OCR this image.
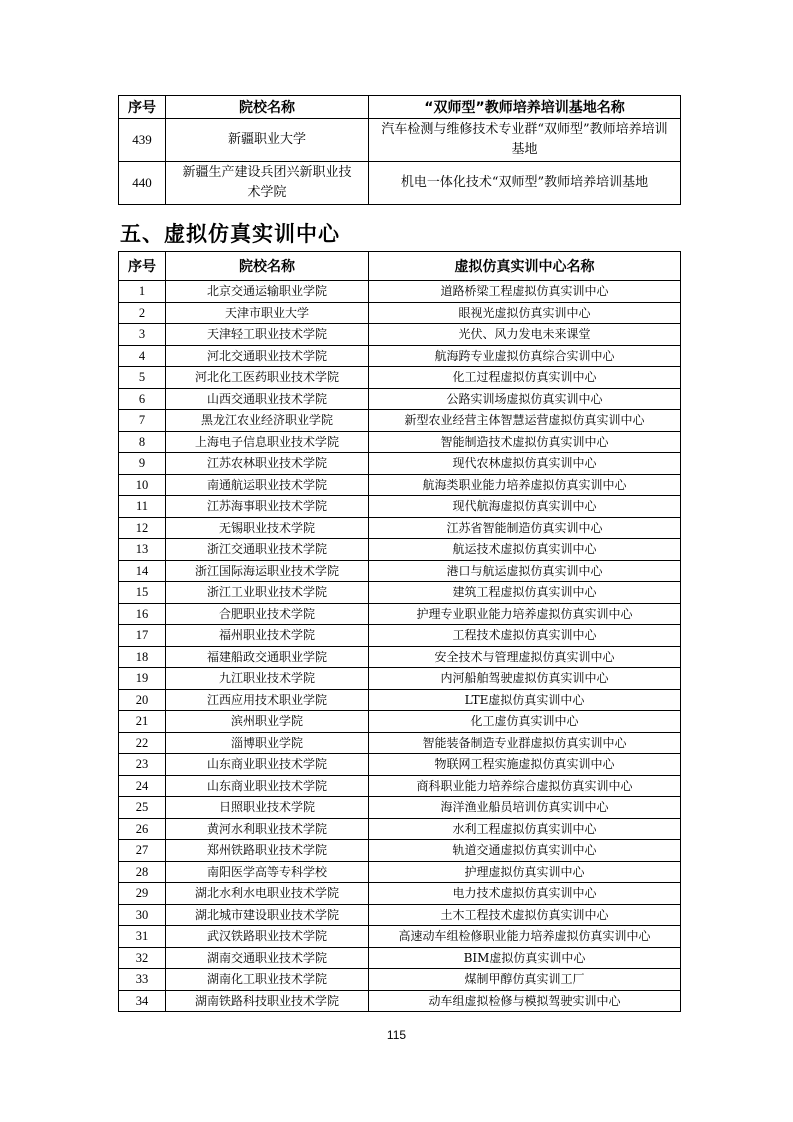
序号	院校名称	“双师型”教师培养培训基地名称
439	新疆职业大学	汽车检测与维修技术专业群“双师型”教师培养培训基地
440	新疆生产建设兵团兴新职业技术学院	机电一体化技术“双师型”教师培养培训基地
五、虚拟仿真实训中心
序号	院校名称	虚拟仿真实训中心名称
1	北京交通运输职业学院	道路桥梁工程虚拟仿真实训中心
2	天津市职业大学	眼视光虚拟仿真实训中心
3	天津轻工职业技术学院	光伏、风力发电未来课堂
4	河北交通职业技术学院	航海跨专业虚拟仿真综合实训中心
5	河北化工医药职业技术学院	化工过程虚拟仿真实训中心
6	山西交通职业技术学院	公路实训场虚拟仿真实训中心
7	黑龙江农业经济职业学院	新型农业经营主体智慧运营虚拟仿真实训中心
8	上海电子信息职业技术学院	智能制造技术虚拟仿真实训中心
9	江苏农林职业技术学院	现代农林虚拟仿真实训中心
10	南通航运职业技术学院	航海类职业能力培养虚拟仿真实训中心
11	江苏海事职业技术学院	现代航海虚拟仿真实训中心
12	无锡职业技术学院	江苏省智能制造仿真实训中心
13	浙江交通职业技术学院	航运技术虚拟仿真实训中心
14	浙江国际海运职业技术学院	港口与航运虚拟仿真实训中心
15	浙江工业职业技术学院	建筑工程虚拟仿真实训中心
16	合肥职业技术学院	护理专业职业能力培养虚拟仿真实训中心
17	福州职业技术学院	工程技术虚拟仿真实训中心
18	福建船政交通职业学院	安全技术与管理虚拟仿真实训中心
19	九江职业技术学院	内河船舶驾驶虚拟仿真实训中心
20	江西应用技术职业学院	LTE虚拟仿真实训中心
21	滨州职业学院	化工虚仿真实训中心
22	淄博职业学院	智能装备制造专业群虚拟仿真实训中心
23	山东商业职业技术学院	物联网工程实施虚拟仿真实训中心
24	山东商业职业技术学院	商科职业能力培养综合虚拟仿真实训中心
25	日照职业技术学院	海洋渔业船员培训仿真实训中心
26	黄河水利职业技术学院	水利工程虚拟仿真实训中心
27	郑州铁路职业技术学院	轨道交通虚拟仿真实训中心
28	南阳医学高等专科学校	护理虚拟仿真实训中心
29	湖北水利水电职业技术学院	电力技术虚拟仿真实训中心
30	湖北城市建设职业技术学院	土木工程技术虚拟仿真实训中心
31	武汉铁路职业技术学院	高速动车组检修职业能力培养虚拟仿真实训中心
32	湖南交通职业技术学院	BIM虚拟仿真实训中心
33	湖南化工职业技术学院	煤制甲醇仿真实训工厂
34	湖南铁路科技职业技术学院	动车组虚拟检修与模拟驾驶实训中心
115
